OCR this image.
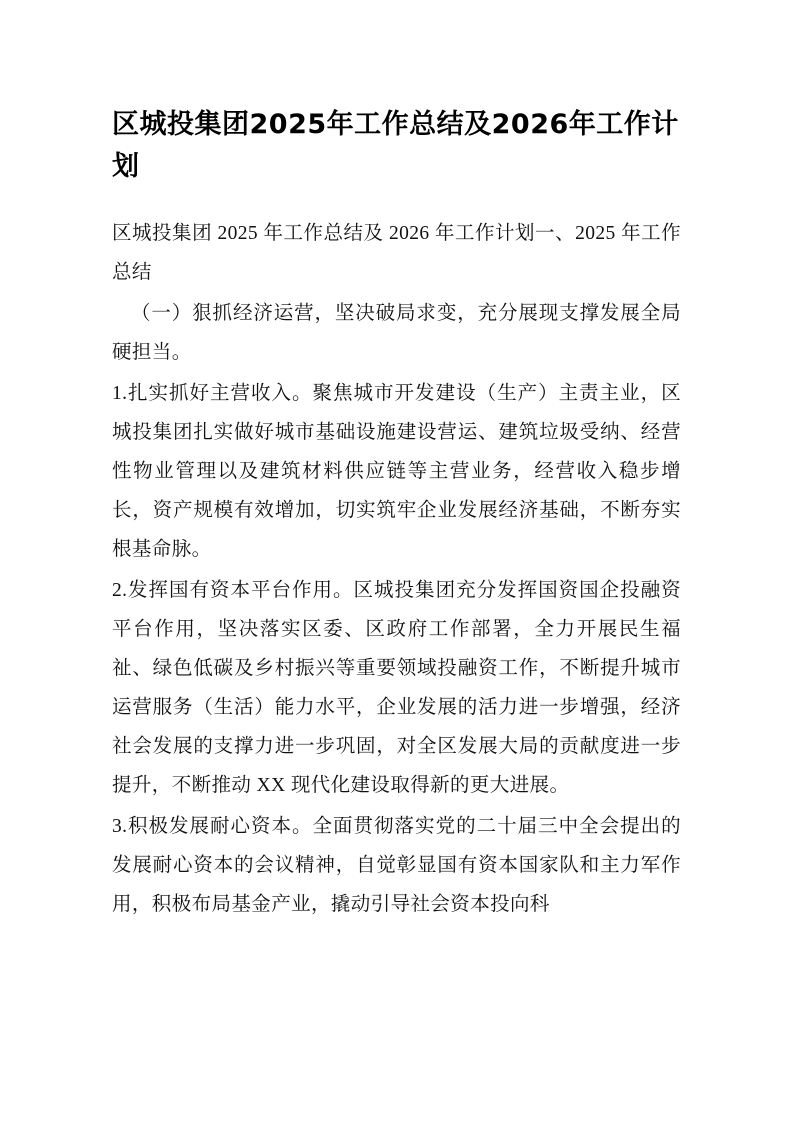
区城投集团2025年工作总结及2026年工作计划

区城投集团 2025 年工作总结及 2026 年工作计划一、2025 年工作总结

（一）狠抓经济运营，坚决破局求变，充分展现支撑发展全局硬担当。

1.扎实抓好主营收入。聚焦城市开发建设（生产）主责主业，区城投集团扎实做好城市基础设施建设营运、建筑垃圾受纳、经营性物业管理以及建筑材料供应链等主营业务，经营收入稳步增长，资产规模有效增加，切实筑牢企业发展经济基础，不断夯实根基命脉。

2.发挥国有资本平台作用。区城投集团充分发挥国资国企投融资平台作用，坚决落实区委、区政府工作部署，全力开展民生福祉、绿色低碳及乡村振兴等重要领域投融资工作，不断提升城市运营服务（生活）能力水平，企业发展的活力进一步增强，经济社会发展的支撑力进一步巩固，对全区发展大局的贡献度进一步提升，不断推动 XX 现代化建设取得新的更大进展。

3.积极发展耐心资本。全面贯彻落实党的二十届三中全会提出的发展耐心资本的会议精神，自觉彰显国有资本国家队和主力军作用，积极布局基金产业，撬动引导社会资本投向科
